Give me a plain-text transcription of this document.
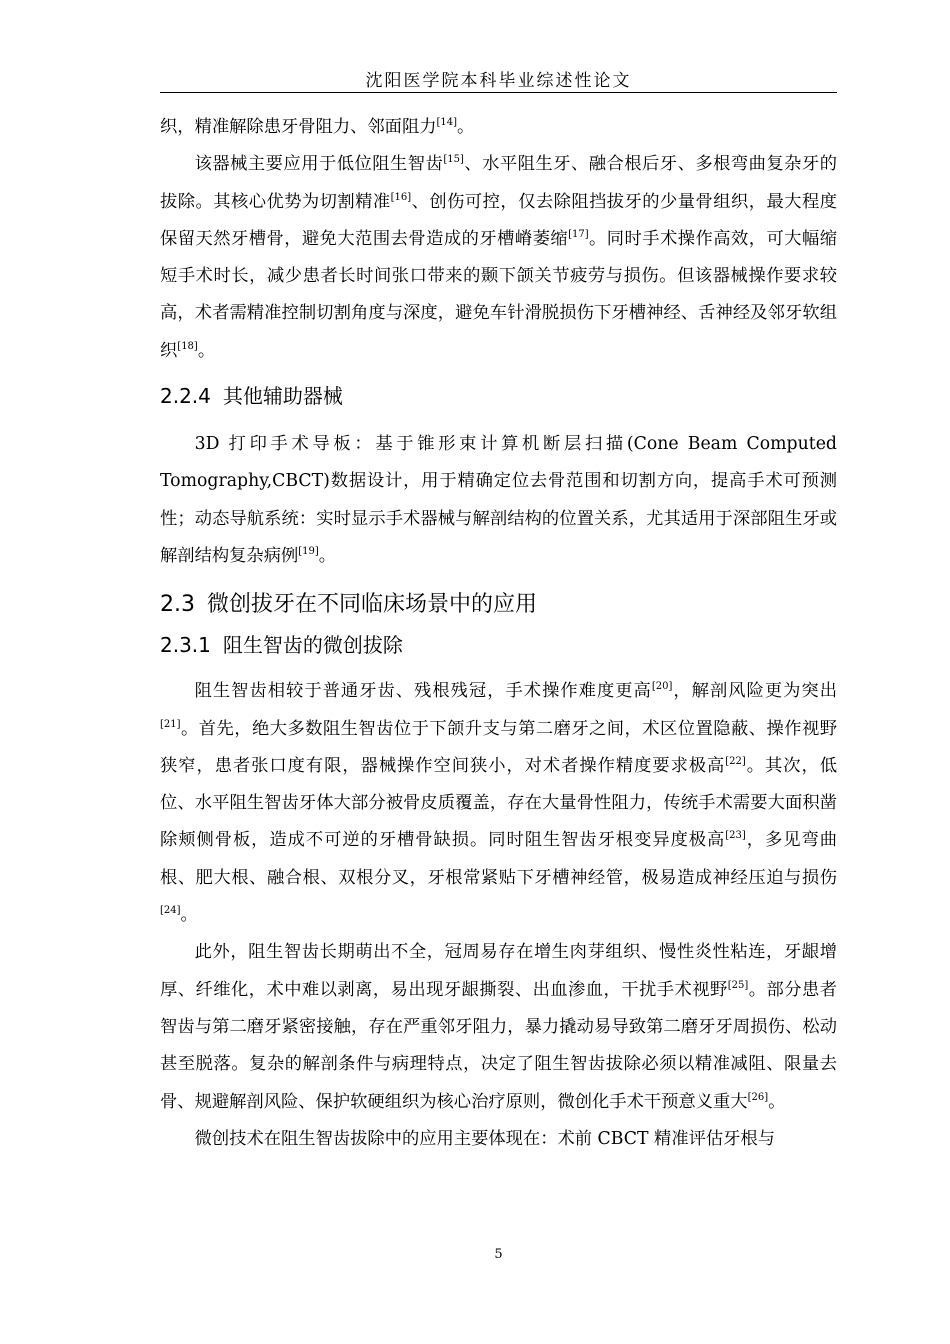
沈阳医学院本科毕业综述性论文

织，精准解除患牙骨阻力、邻面阻力[14]。

该器械主要应用于低位阻生智齿[15]、水平阻生牙、融合根后牙、多根弯曲复杂牙的拔除。其核心优势为切割精准[16]、创伤可控，仅去除阻挡拔牙的少量骨组织，最大程度保留天然牙槽骨，避免大范围去骨造成的牙槽嵴萎缩[17]。同时手术操作高效，可大幅缩短手术时长，减少患者长时间张口带来的颞下颌关节疲劳与损伤。但该器械操作要求较高，术者需精准控制切割角度与深度，避免车针滑脱损伤下牙槽神经、舌神经及邻牙软组织[18]。

2.2.4 其他辅助器械

3D 打印手术导板：基于锥形束计算机断层扫描(Cone Beam Computed Tomography,CBCT)数据设计，用于精确定位去骨范围和切割方向，提高手术可预测性；动态导航系统：实时显示手术器械与解剖结构的位置关系，尤其适用于深部阻生牙或解剖结构复杂病例[19]。

2.3 微创拔牙在不同临床场景中的应用
2.3.1 阻生智齿的微创拔除

阻生智齿相较于普通牙齿、残根残冠，手术操作难度更高[20]，解剖风险更为突出[21]。首先，绝大多数阻生智齿位于下颌升支与第二磨牙之间，术区位置隐蔽、操作视野狭窄，患者张口度有限，器械操作空间狭小，对术者操作精度要求极高[22]。其次，低位、水平阻生智齿牙体大部分被骨皮质覆盖，存在大量骨性阻力，传统手术需要大面积凿除颊侧骨板，造成不可逆的牙槽骨缺损。同时阻生智齿牙根变异度极高[23]，多见弯曲根、肥大根、融合根、双根分叉，牙根常紧贴下牙槽神经管，极易造成神经压迫与损伤[24]。

此外，阻生智齿长期萌出不全，冠周易存在增生肉芽组织、慢性炎性粘连，牙龈增厚、纤维化，术中难以剥离，易出现牙龈撕裂、出血渗血，干扰手术视野[25]。部分患者智齿与第二磨牙紧密接触，存在严重邻牙阻力，暴力撬动易导致第二磨牙牙周损伤、松动甚至脱落。复杂的解剖条件与病理特点，决定了阻生智齿拔除必须以精准减阻、限量去骨、规避解剖风险、保护软硬组织为核心治疗原则，微创化手术干预意义重大[26]。

微创技术在阻生智齿拔除中的应用主要体现在：术前 CBCT 精准评估牙根与

5
